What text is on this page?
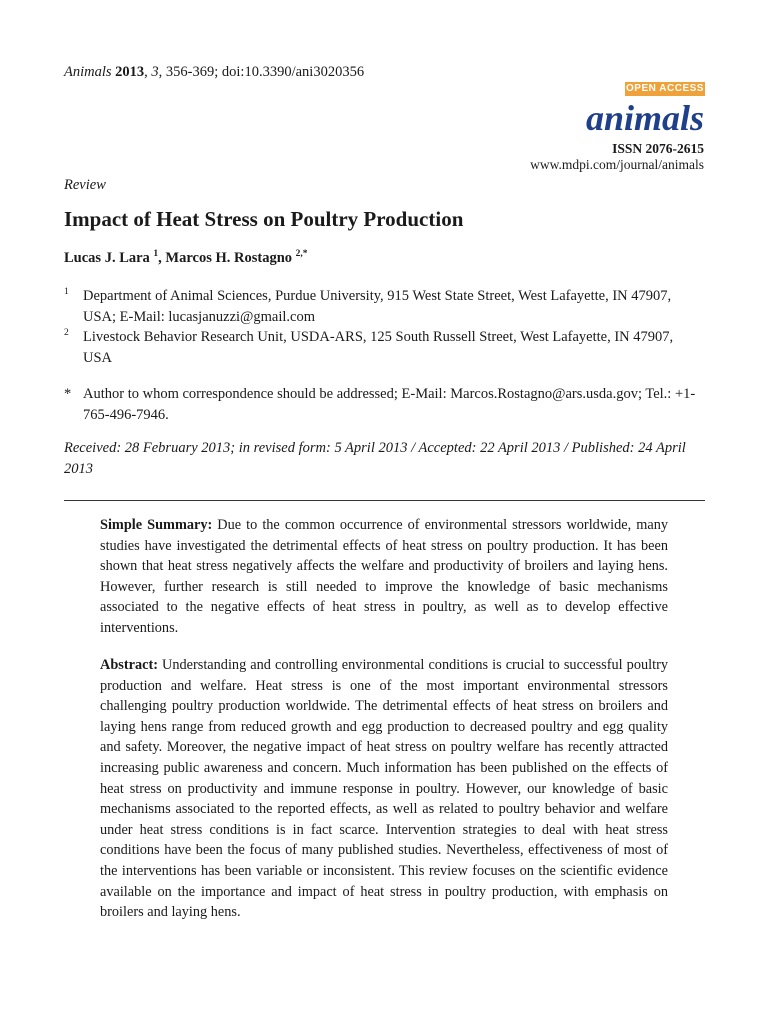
Animals 2013, 3, 356-369; doi:10.3390/ani3020356
OPEN ACCESS
animals
ISSN 2076-2615
www.mdpi.com/journal/animals
Review
Impact of Heat Stress on Poultry Production
Lucas J. Lara $^1$, Marcos H. Rostagno $^{2,*}$
1 Department of Animal Sciences, Purdue University, 915 West State Street, West Lafayette, IN 47907, USA; E-Mail: lucasjanuzzi@gmail.com
2 Livestock Behavior Research Unit, USDA-ARS, 125 South Russell Street, West Lafayette, IN 47907, USA
* Author to whom correspondence should be addressed; E-Mail: Marcos.Rostagno@ars.usda.gov; Tel.: +1-765-496-7946.
Received: 28 February 2013; in revised form: 5 April 2013 / Accepted: 22 April 2013 / Published: 24 April 2013
Simple Summary: Due to the common occurrence of environmental stressors worldwide, many studies have investigated the detrimental effects of heat stress on poultry production. It has been shown that heat stress negatively affects the welfare and productivity of broilers and laying hens. However, further research is still needed to improve the knowledge of basic mechanisms associated to the negative effects of heat stress in poultry, as well as to develop effective interventions.
Abstract: Understanding and controlling environmental conditions is crucial to successful poultry production and welfare. Heat stress is one of the most important environmental stressors challenging poultry production worldwide. The detrimental effects of heat stress on broilers and laying hens range from reduced growth and egg production to decreased poultry and egg quality and safety. Moreover, the negative impact of heat stress on poultry welfare has recently attracted increasing public awareness and concern. Much information has been published on the effects of heat stress on productivity and immune response in poultry. However, our knowledge of basic mechanisms associated to the reported effects, as well as related to poultry behavior and welfare under heat stress conditions is in fact scarce. Intervention strategies to deal with heat stress conditions have been the focus of many published studies. Nevertheless, effectiveness of most of the interventions has been variable or inconsistent. This review focuses on the scientific evidence available on the importance and impact of heat stress in poultry production, with emphasis on broilers and laying hens.
